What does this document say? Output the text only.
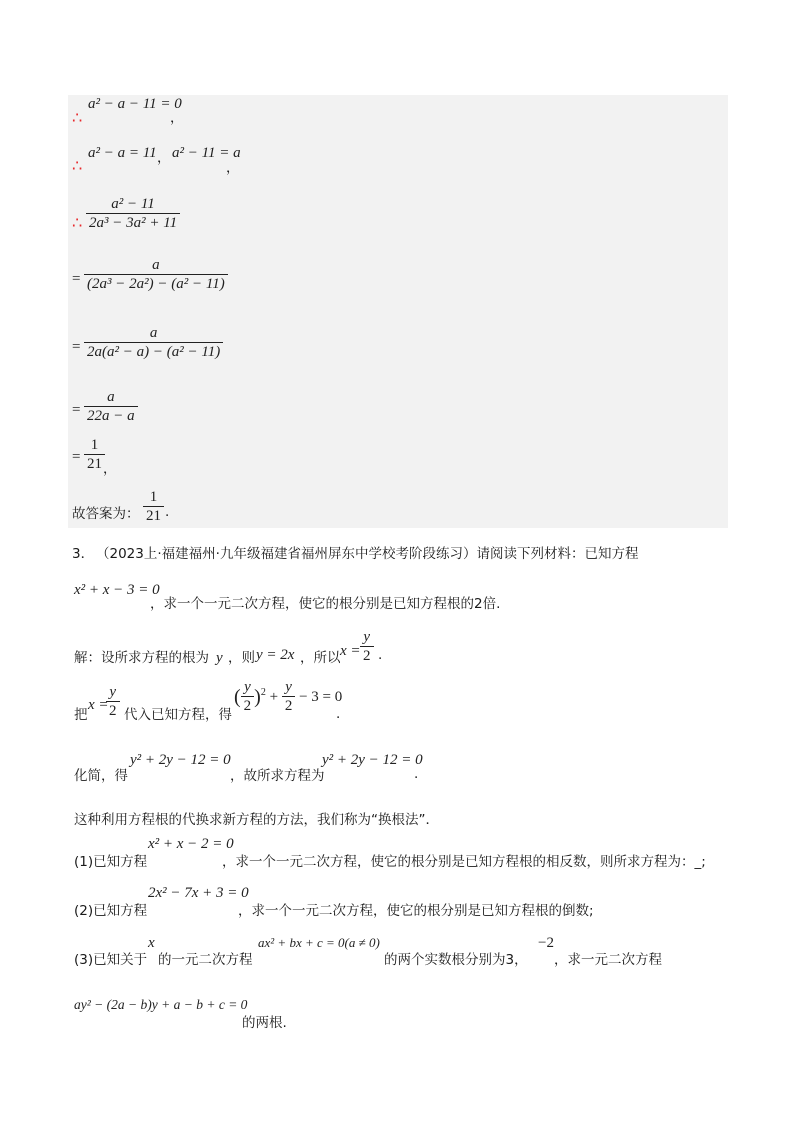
∴
a² − a − 11 = 0
，
∴
a² − a = 11 ， a² − 11 = a
，
∴ $\frac{\text{a² − 11}}{\text{2a³ − 3a² + 11}}$
= $\frac{a}{\text{(2a³ − 2a²) − (a² − 11)}}$
= $\frac{a}{\text{2a(a² − a) − (a² − 11)}}$
= $\frac{a}{22a - a}$
= $\frac{1}{21}$
，
故答案为： $\frac{1}{21}$ .
3． （2023上·福建福州·九年级福建省福州屏东中学校考阶段练习）请阅读下列材料：已知方程
x² + x − 3 = 0
，求一个一元二次方程，使它的根分别是已知方程根的2倍.
解：设所求方程的根为 y ，则 y = 2x ，所以 $x = \frac{y}{2}$ .
把
x =
$\frac{y}{2}$ 代入已知方程，得
( $\frac{y}{2} )^2 + \frac{y}{2} - 3 = 0$
.
化简，得
y² + 2y − 12 = 0
，故所求方程为
y² + 2y − 12 = 0
.
这种利用方程根的代换求新方程的方法，我们称为“换根法”．
(1)已知方程
x² + x − 2 = 0
，求一个一元二次方程，使它的根分别是已知方程根的相反数，则所求方程为：_;
(2)已知方程
2x² − 7x + 3 = 0
，求一个一元二次方程，使它的根分别是已知方程根的倒数;
(3)已知关于
x
的一元二次方程
ax² + bx + c = 0(a ≠ 0)
的两个实数根分别为3，
−2
，求一元二次方程
ay² − (2a − b)y + a − b + c = 0
的两根.
